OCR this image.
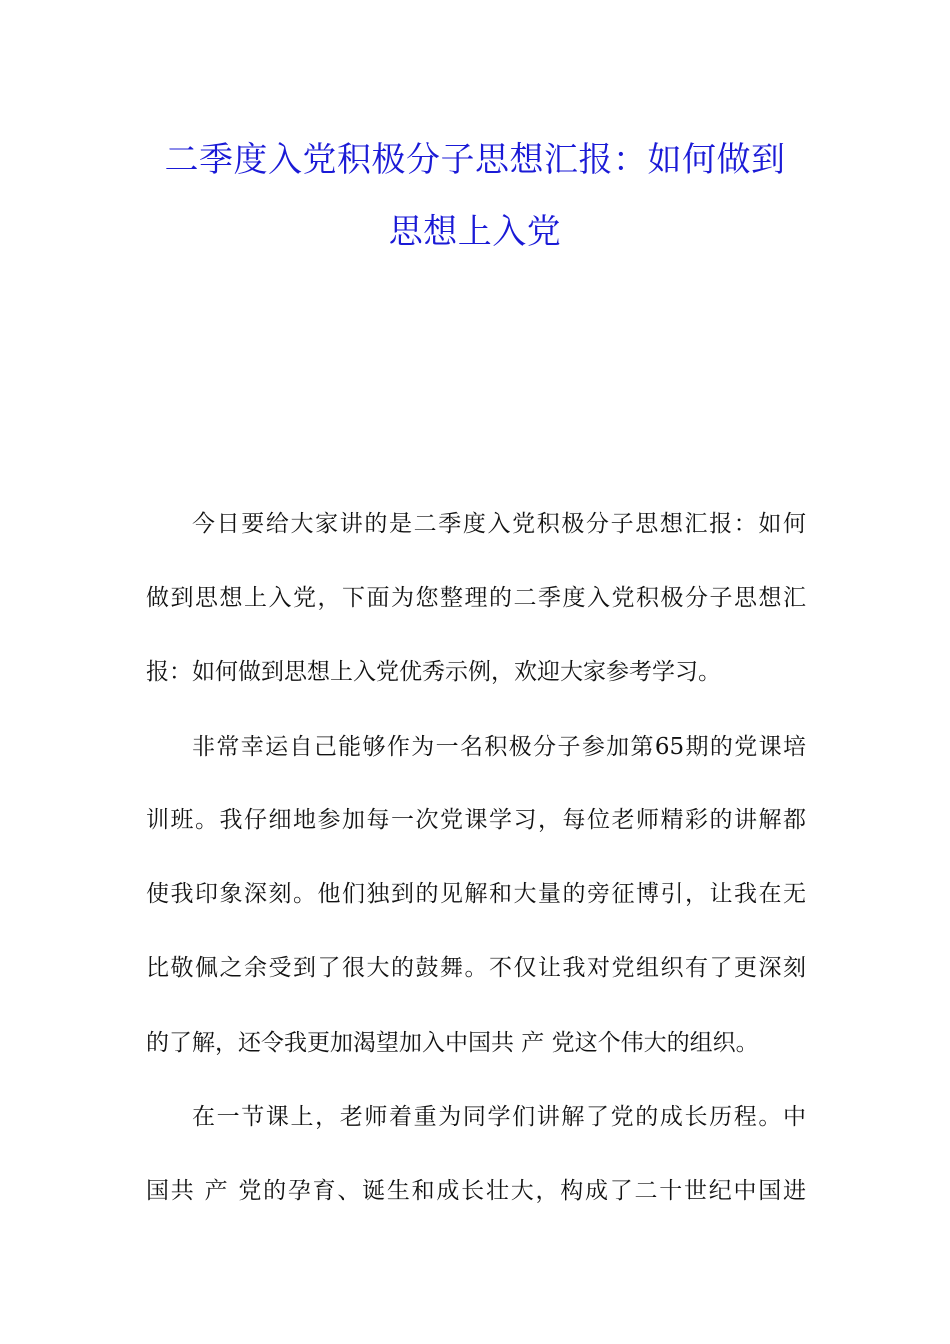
二季度入党积极分子思想汇报：如何做到
思想上入党
今日要给大家讲的是二季度入党积极分子思想汇报：如何
做到思想上入党，下面为您整理的二季度入党积极分子思想汇
报：如何做到思想上入党优秀示例，欢迎大家参考学习。
非常幸运自己能够作为一名积极分子参加第65期的党课培
训班。我仔细地参加每一次党课学习，每位老师精彩的讲解都
使我印象深刻。他们独到的见解和大量的旁征博引，让我在无
比敬佩之余受到了很大的鼓舞。不仅让我对党组织有了更深刻
的了解，还令我更加渴望加入中国共 产 党这个伟大的组织。
在一节课上，老师着重为同学们讲解了党的成长历程。中
国共 产 党的孕育、诞生和成长壮大，构成了二十世纪中国进
